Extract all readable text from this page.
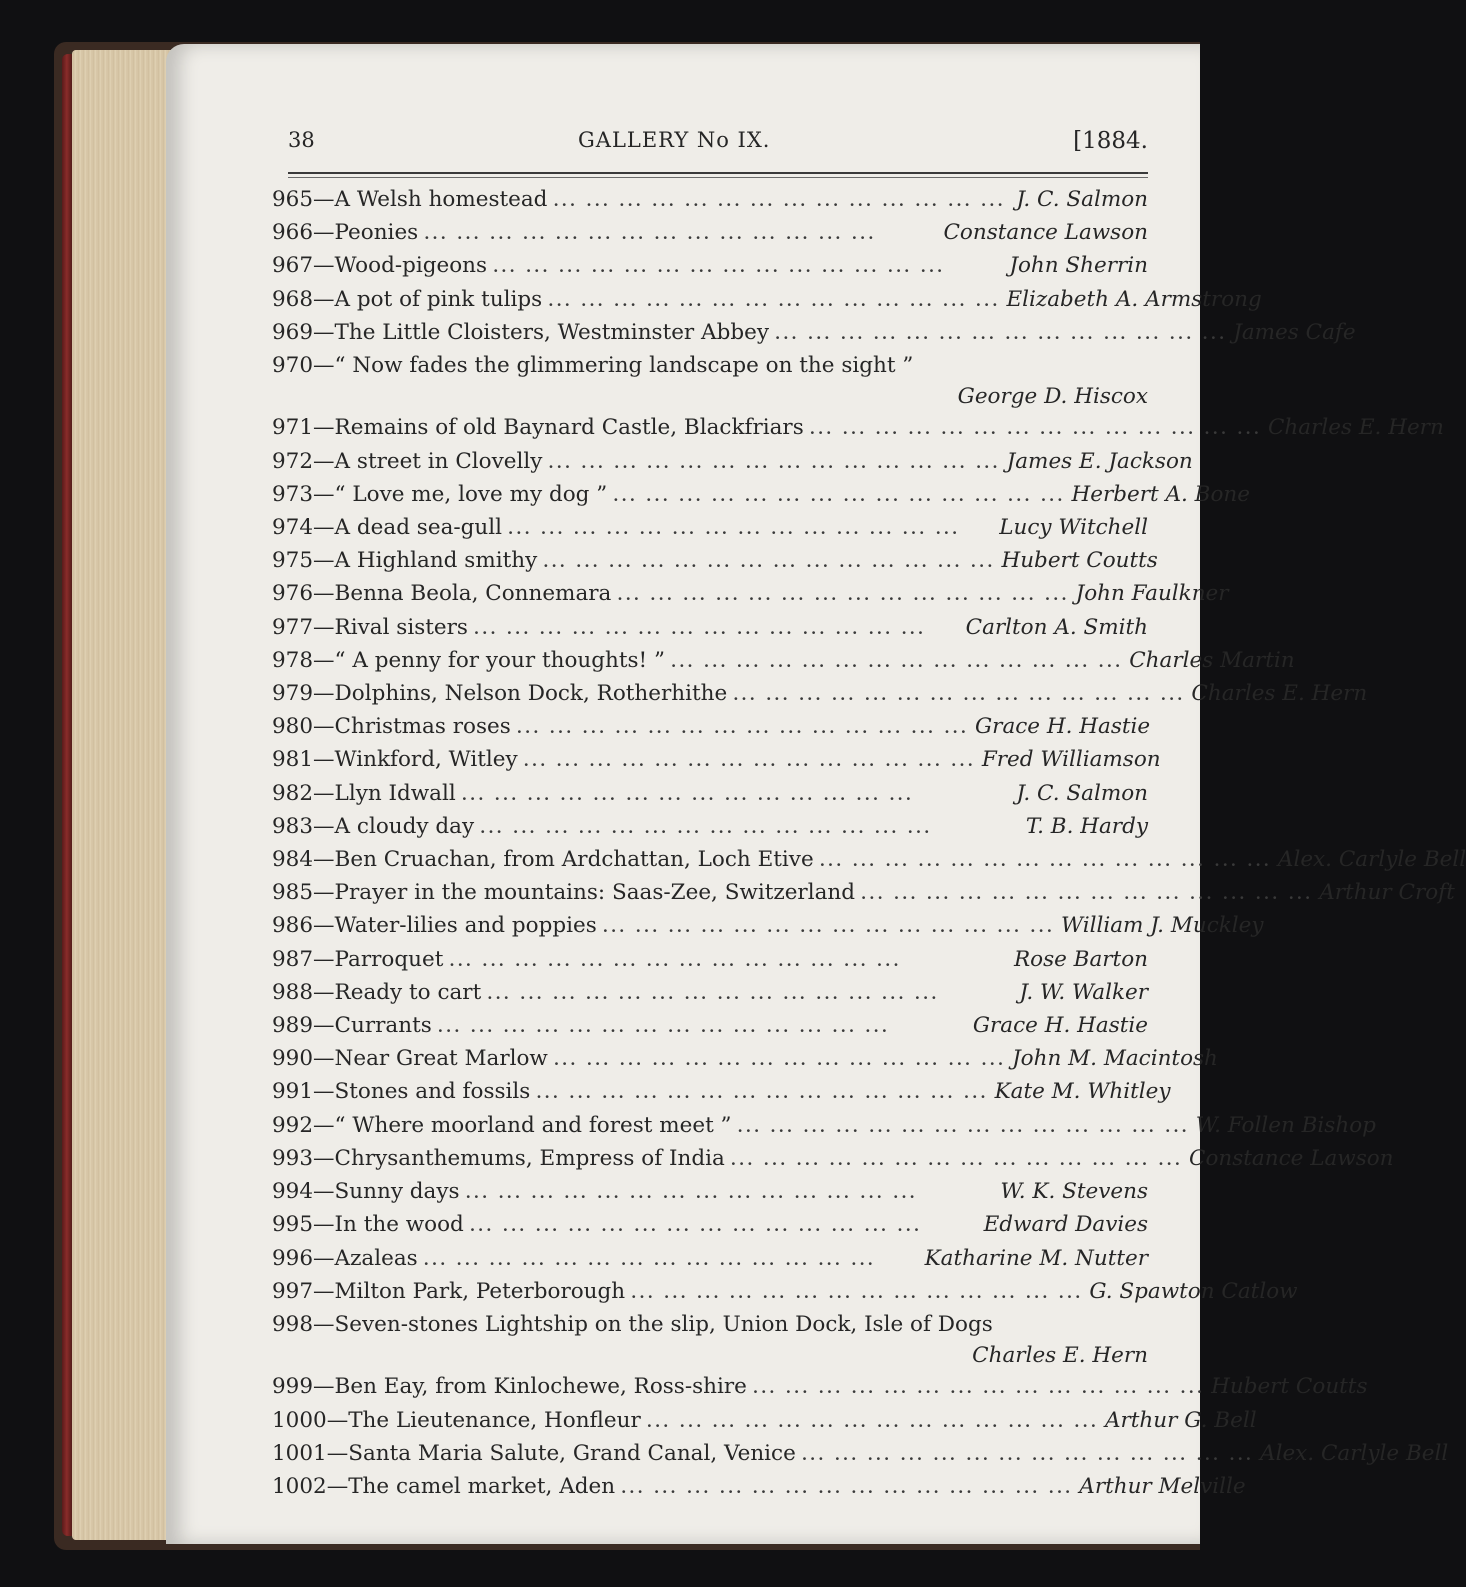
38	GALLERY No IX.	[1884.
965 — A Welsh homestead ... ... ... ... ... ... ... ... ... ... ... ... ... ... J. C. Salmon
966 — Peonies ... ... ... ... ... ... ... ... ... ... ... ... ... ...	Constance Lawson
967 — Wood-pigeons ... ... ... ... ... ... ... ... ... ... ... ... ... ...	John Sherrin
968 — A pot of pink tulips ... ... ... ... ... ... ... ... ... ... ... ... ... ... Elizabeth A. Armstrong
969 — The Little Cloisters, Westminster Abbey ... ... ... ... ... ... ... ... ... ... ... ... ... ... James Cafe
970 — “ Now fades the glimmering landscape on the sight ”
George D. Hiscox
971 — Remains of old Baynard Castle, Blackfriars ... ... ... ... ... ... ... ... ... ... ... ... ... ... Charles E. Hern
972 — A street in Clovelly ... ... ... ... ... ... ... ... ... ... ... ... ... ... James E. Jackson
973 — “ Love me, love my dog ” ... ... ... ... ... ... ... ... ... ... ... ... ... ... Herbert A. Bone
974 — A dead sea-gull ... ... ... ... ... ... ... ... ... ... ... ... ... ...	Lucy Witchell
975 — A Highland smithy ... ... ... ... ... ... ... ... ... ... ... ... ... ... Hubert Coutts
976 — Benna Beola, Connemara ... ... ... ... ... ... ... ... ... ... ... ... ... ... John Faulkner
977 — Rival sisters ... ... ... ... ... ... ... ... ... ... ... ... ... ...	Carlton A. Smith
978 — “ A penny for your thoughts! ” ... ... ... ... ... ... ... ... ... ... ... ... ... ... Charles Martin
979 — Dolphins, Nelson Dock, Rotherhithe ... ... ... ... ... ... ... ... ... ... ... ... ... ... Charles E. Hern
980 — Christmas roses ... ... ... ... ... ... ... ... ... ... ... ... ... ... Grace H. Hastie
981 — Winkford, Witley ... ... ... ... ... ... ... ... ... ... ... ... ... ... Fred Williamson
982 — Llyn Idwall ... ... ... ... ... ... ... ... ... ... ... ... ... ...	J. C. Salmon
983 — A cloudy day ... ... ... ... ... ... ... ... ... ... ... ... ... ...	T. B. Hardy
984 — Ben Cruachan, from Ardchattan, Loch Etive ... ... ... ... ... ... ... ... ... ... ... ... ... ... Alex. Carlyle Bell
985 — Prayer in the mountains: Saas-Zee, Switzerland ... ... ... ... ... ... ... ... ... ... ... ... ... ... Arthur Croft
986 — Water-lilies and poppies ... ... ... ... ... ... ... ... ... ... ... ... ... ... William J. Muckley
987 — Parroquet ... ... ... ... ... ... ... ... ... ... ... ... ... ...	Rose Barton
988 — Ready to cart ... ... ... ... ... ... ... ... ... ... ... ... ... ...	J. W. Walker
989 — Currants ... ... ... ... ... ... ... ... ... ... ... ... ... ...	Grace H. Hastie
990 — Near Great Marlow ... ... ... ... ... ... ... ... ... ... ... ... ... ... John M. Macintosh
991 — Stones and fossils ... ... ... ... ... ... ... ... ... ... ... ... ... ... Kate M. Whitley
992 — “ Where moorland and forest meet ” ... ... ... ... ... ... ... ... ... ... ... ... ... ... W. Follen Bishop
993 — Chrysanthemums, Empress of India ... ... ... ... ... ... ... ... ... ... ... ... ... ... Constance Lawson
994 — Sunny days ... ... ... ... ... ... ... ... ... ... ... ... ... ...	W. K. Stevens
995 — In the wood ... ... ... ... ... ... ... ... ... ... ... ... ... ...	Edward Davies
996 — Azaleas ... ... ... ... ... ... ... ... ... ... ... ... ... ...	Katharine M. Nutter
997 — Milton Park, Peterborough ... ... ... ... ... ... ... ... ... ... ... ... ... ... G. Spawton Catlow
998 — Seven-stones Lightship on the slip, Union Dock, Isle of Dogs
Charles E. Hern
999 — Ben Eay, from Kinlochewe, Ross-shire ... ... ... ... ... ... ... ... ... ... ... ... ... ... Hubert Coutts
1000 — The Lieutenance, Honfleur ... ... ... ... ... ... ... ... ... ... ... ... ... ... Arthur G. Bell
1001 — Santa Maria Salute, Grand Canal, Venice ... ... ... ... ... ... ... ... ... ... ... ... ... ... Alex. Carlyle Bell
1002 — The camel market, Aden ... ... ... ... ... ... ... ... ... ... ... ... ... ... Arthur Melville
